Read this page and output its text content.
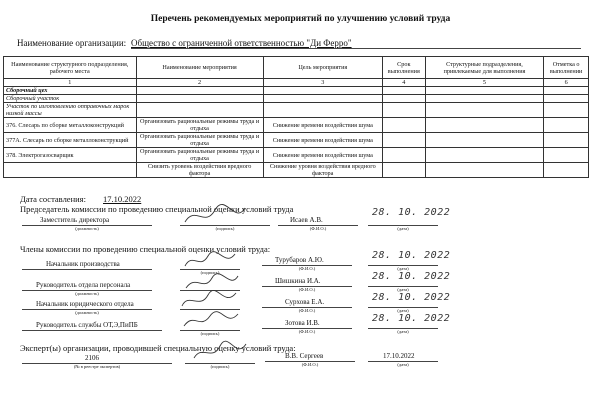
Перечень рекомендуемых мероприятий по улучшению условий труда
Наименование организации: Общество с ограниченной ответственностью "Ди Ферро"
Наименование структурного подразделения, рабочего места	Наименование мероприятия	Цель мероприятия	Срок выполнения	Структурные подразделения, привлекаемые для выполнения	Отметка о выполнении
1	2	3	4	5	6
Сборочный цех					
Сборочный участок					
Участок по изготовлению опправочных марок низкой массы					
376. Слесарь по сборке металлоконструкций	Организовать рациональные режимы труда и отдыха	Снижение времени воздействия шума			
377А. Слесарь по сборке металлоконструкций	Организовать рациональные режимы труда и отдыха	Снижение времени воздействия шума			
378. Электрогазосварщик	Организовать рациональные режимы труда и отдыха	Снижение времени воздействия шума			
	Снизить уровень воздействия вредного фактора	Снижение уровня воздействия вредного фактора			
Дата составления: 17.10.2022
Председатель комиссии по проведению специальной оценки условий труда
Заместитель директора
(должность)	(подпись)
Исаев А.В.
(Ф.И.О.)
28. 10. 2022
(дата)
Члены комиссии по проведению специальной оценки условий труда:
Начальник производства
(подпись)
Турубаров А.Ю.
(Ф.И.О.)
28. 10. 2022
(дата)
Руководитель отдела персонала
(должность)
Шишкина И.А.
(Ф.И.О.)
28. 10. 2022
(дата)
Начальник юридического отдела
(должность)
Сурхова Е.А.
(Ф.И.О.)
28. 10. 2022
(дата)
Руководитель службы ОТ,Э,ПиПБ
(подпись)
Зотова И.В.
(Ф.И.О.)
28. 10. 2022
(дата)
Эксперт(ы) организации, проводившей специальную оценку условий труда:
2106
(№ в реестре экспертов)	(подпись)
В.В. Сергеев
(Ф.И.О.)
17.10.2022
(дата)
